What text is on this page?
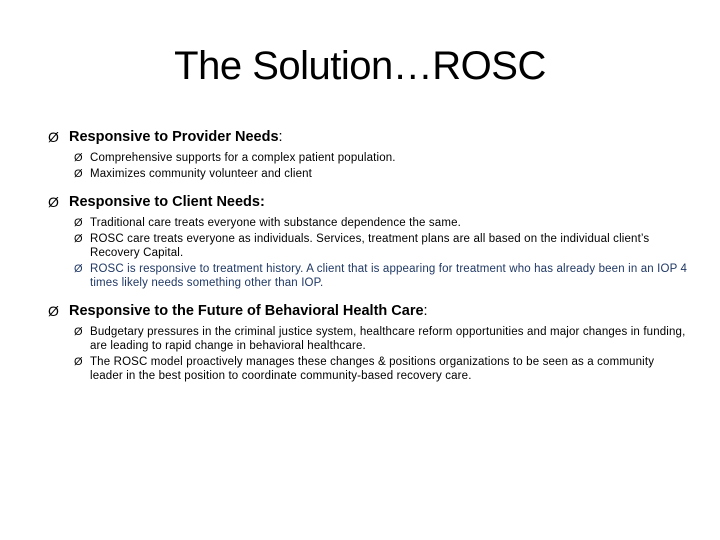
The Solution…ROSC
Ø Responsive to Provider Needs:
Ø Comprehensive supports for a complex patient population.
Ø Maximizes community volunteer and client
Ø Responsive to Client Needs:
Ø Traditional care treats everyone with substance dependence the same.
Ø ROSC care treats everyone as individuals. Services, treatment plans are all based on the individual client’s Recovery Capital.
Ø ROSC is responsive to treatment history. A client that is appearing for treatment who has already been in an IOP 4 times likely needs something other than IOP.
Ø Responsive to the Future of Behavioral Health Care:
Ø Budgetary pressures in the criminal justice system, healthcare reform opportunities and major changes in funding, are leading to rapid change in behavioral healthcare.
Ø The ROSC model proactively manages these changes & positions organizations to be seen as a community leader in the best position to coordinate community-based recovery care.
